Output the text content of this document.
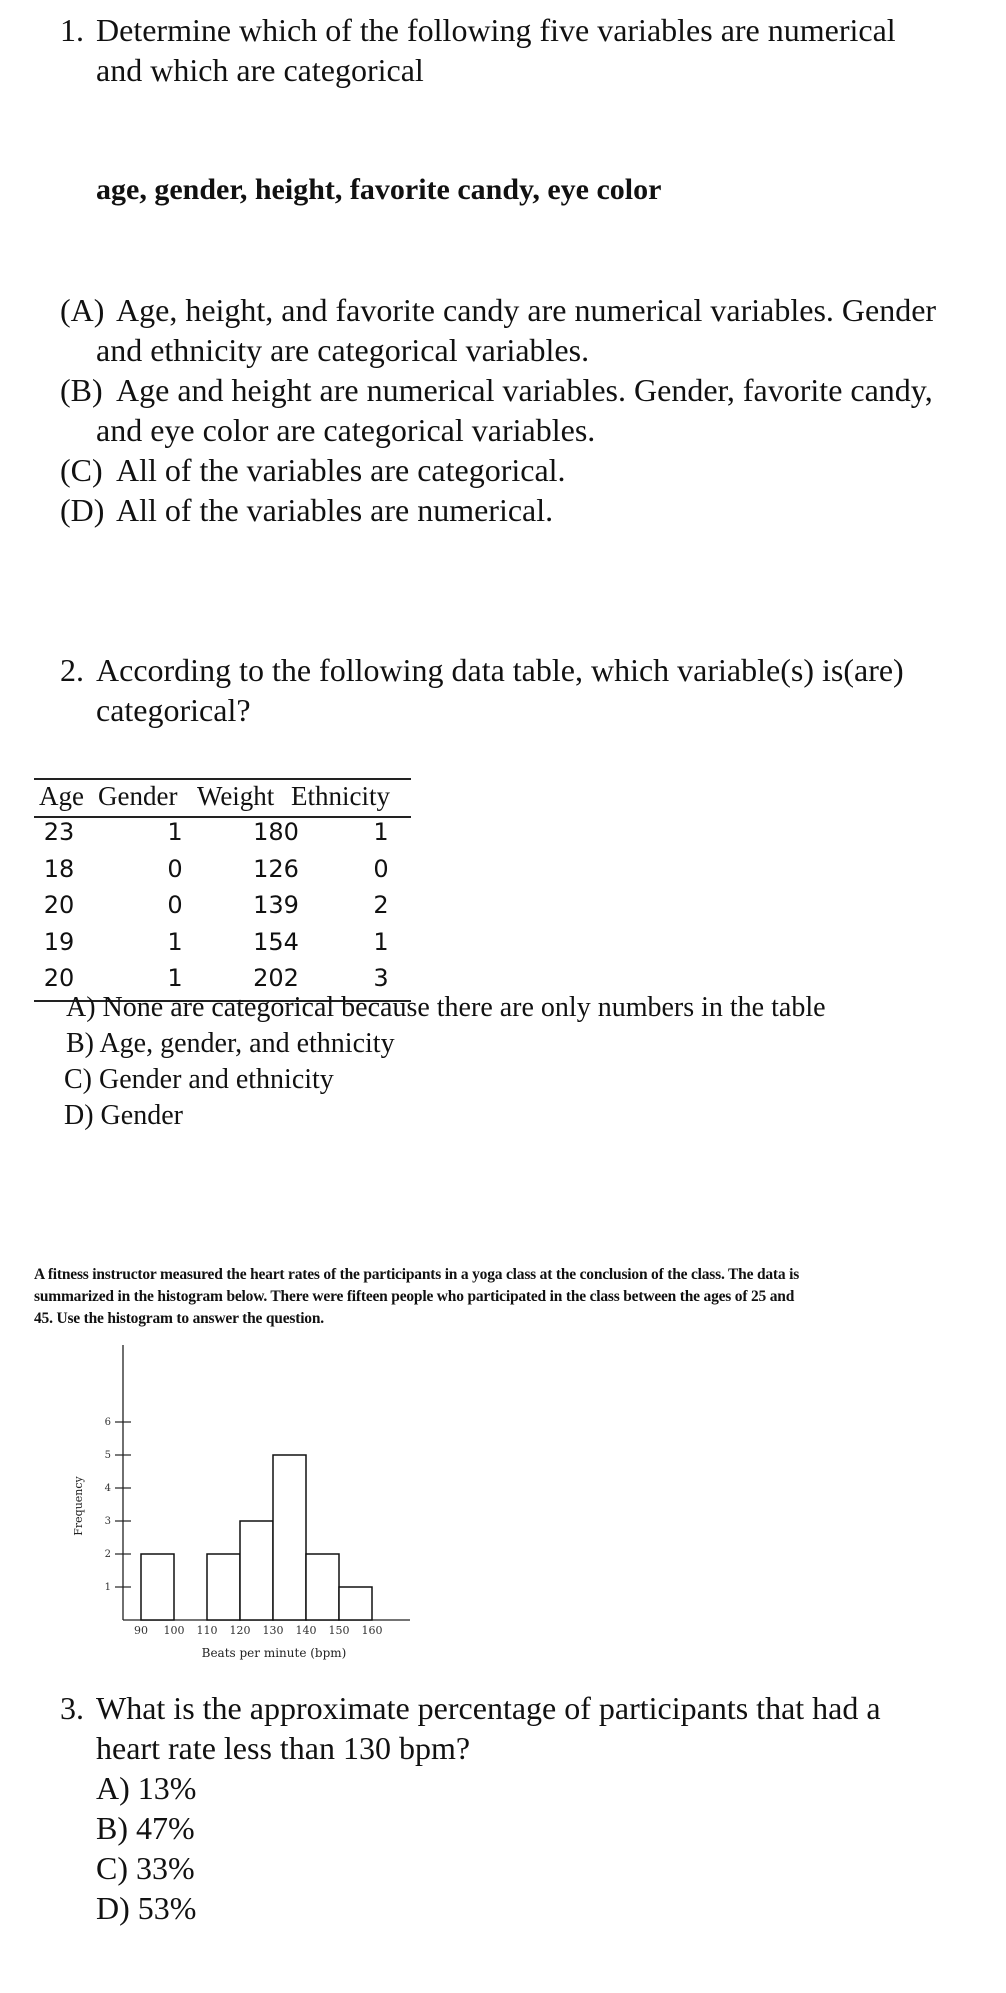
1. Determine which of the following five variables are numerical
and which are categorical
age, gender, height, favorite candy, eye color
(A) Age, height, and favorite candy are numerical variables. Gender
and ethnicity are categorical variables.
(B) Age and height are numerical variables. Gender, favorite candy,
and eye color are categorical variables.
(C) All of the variables are categorical.
(D) All of the variables are numerical.
2. According to the following data table, which variable(s) is(are)
categorical?
Age Gender Weight Ethnicity
23	1	180	1
18	0	126	0
20	0	139	2
19	1	154	1
20	1	202	3
A) None are categorical because there are only numbers in the table
B) Age, gender, and ethnicity
C) Gender and ethnicity
D) Gender
A fitness instructor measured the heart rates of the participants in a yoga class at the conclusion of the class. The data is
summarized in the histogram below. There were fifteen people who participated in the class between the ages of 25 and
45. Use the histogram to answer the question.
1
2
3
4
5
6
90 100 110 120 130 140 150 160
Beats per minute (bpm)
Frequency
3. What is the approximate percentage of participants that had a
heart rate less than 130 bpm?
A) 13%
B) 47%
C) 33%
D) 53%
